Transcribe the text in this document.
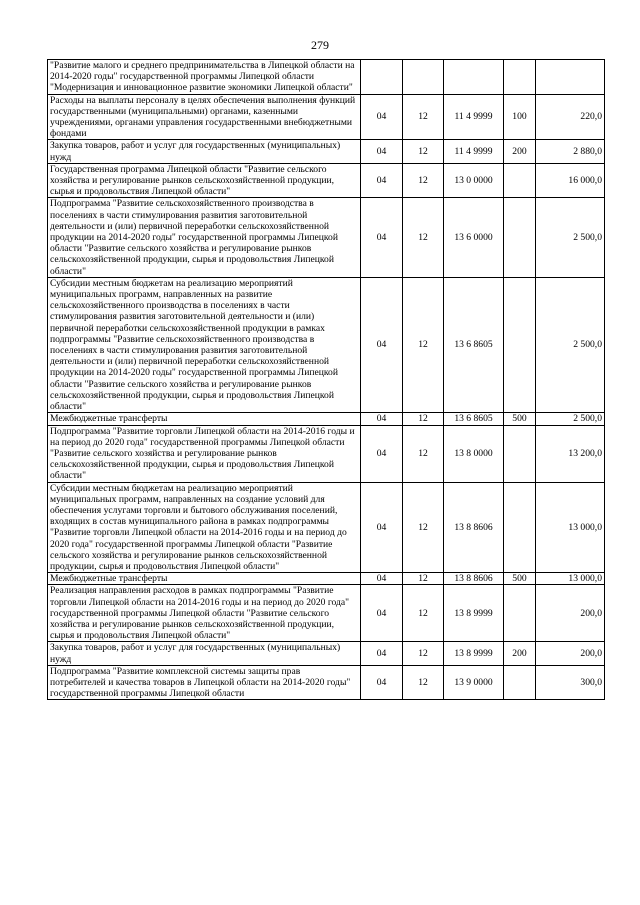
279
"Развитие малого и среднего предпринимательства в Липецкой области на 2014-2020 годы" государственной программы Липецкой области "Модернизация и инновационное развитие экономики Липецкой области"					
Расходы на выплаты персоналу в целях обеспечения выполнения функций государственными (муниципальными) органами, казенными учреждениями, органами управления государственными внебюджетными фондами	04	12	11 4 9999	100	220,0
Закупка товаров, работ и услуг для государственных (муниципальных) нужд	04	12	11 4 9999	200	2 880,0
Государственная программа Липецкой области "Развитие сельского хозяйства и регулирование рынков сельскохозяйственной продукции, сырья и продовольствия Липецкой области"	04	12	13 0 0000		16 000,0
Подпрограмма "Развитие сельскохозяйственного производства в поселениях в части стимулирования развития заготовительной деятельности и (или) первичной переработки сельскохозяйственной продукции на 2014-2020 годы" государственной программы Липецкой области "Развитие сельского хозяйства и регулирование рынков сельскохозяйственной продукции, сырья и продовольствия Липецкой области"	04	12	13 6 0000		2 500,0
Субсидии местным бюджетам на реализацию мероприятий муниципальных программ, направленных на развитие сельскохозяйственного производства в поселениях в части стимулирования развития заготовительной деятельности и (или) первичной переработки сельскохозяйственной продукции в рамках подпрограммы "Развитие сельскохозяйственного производства в поселениях в части стимулирования развития заготовительной деятельности и (или) первичной переработки сельскохозяйственной продукции на 2014-2020 годы" государственной программы Липецкой области "Развитие сельского хозяйства и регулирование рынков сельскохозяйственной продукции, сырья и продовольствия Липецкой области"	04	12	13 6 8605		2 500,0
Межбюджетные трансферты	04	12	13 6 8605	500	2 500,0
Подпрограмма "Развитие торговли Липецкой области на 2014-2016 годы и на период до 2020 года" государственной программы Липецкой области "Развитие сельского хозяйства и регулирование рынков сельскохозяйственной продукции, сырья и продовольствия Липецкой области"	04	12	13 8 0000		13 200,0
Субсидии местным бюджетам на реализацию мероприятий муниципальных программ, направленных на создание условий для обеспечения услугами торговли и бытового обслуживания поселений, входящих в состав муниципального района в рамках подпрограммы "Развитие торговли Липецкой области на 2014-2016 годы и на период до 2020 года" государственной программы Липецкой области "Развитие сельского хозяйства и регулирование рынков сельскохозяйственной продукции, сырья и продовольствия Липецкой области"	04	12	13 8 8606		13 000,0
Межбюджетные трансферты	04	12	13 8 8606	500	13 000,0
Реализация направления расходов в рамках подпрограммы "Развитие торговли Липецкой области на 2014-2016 годы и на период до 2020 года" государственной программы Липецкой области "Развитие сельского хозяйства и регулирование рынков сельскохозяйственной продукции, сырья и продовольствия Липецкой области"	04	12	13 8 9999		200,0
Закупка товаров, работ и услуг для государственных (муниципальных) нужд	04	12	13 8 9999	200	200,0
Подпрограмма "Развитие комплексной системы защиты прав потребителей и качества товаров в Липецкой области на 2014-2020 годы" государственной программы Липецкой области	04	12	13 9 0000		300,0
